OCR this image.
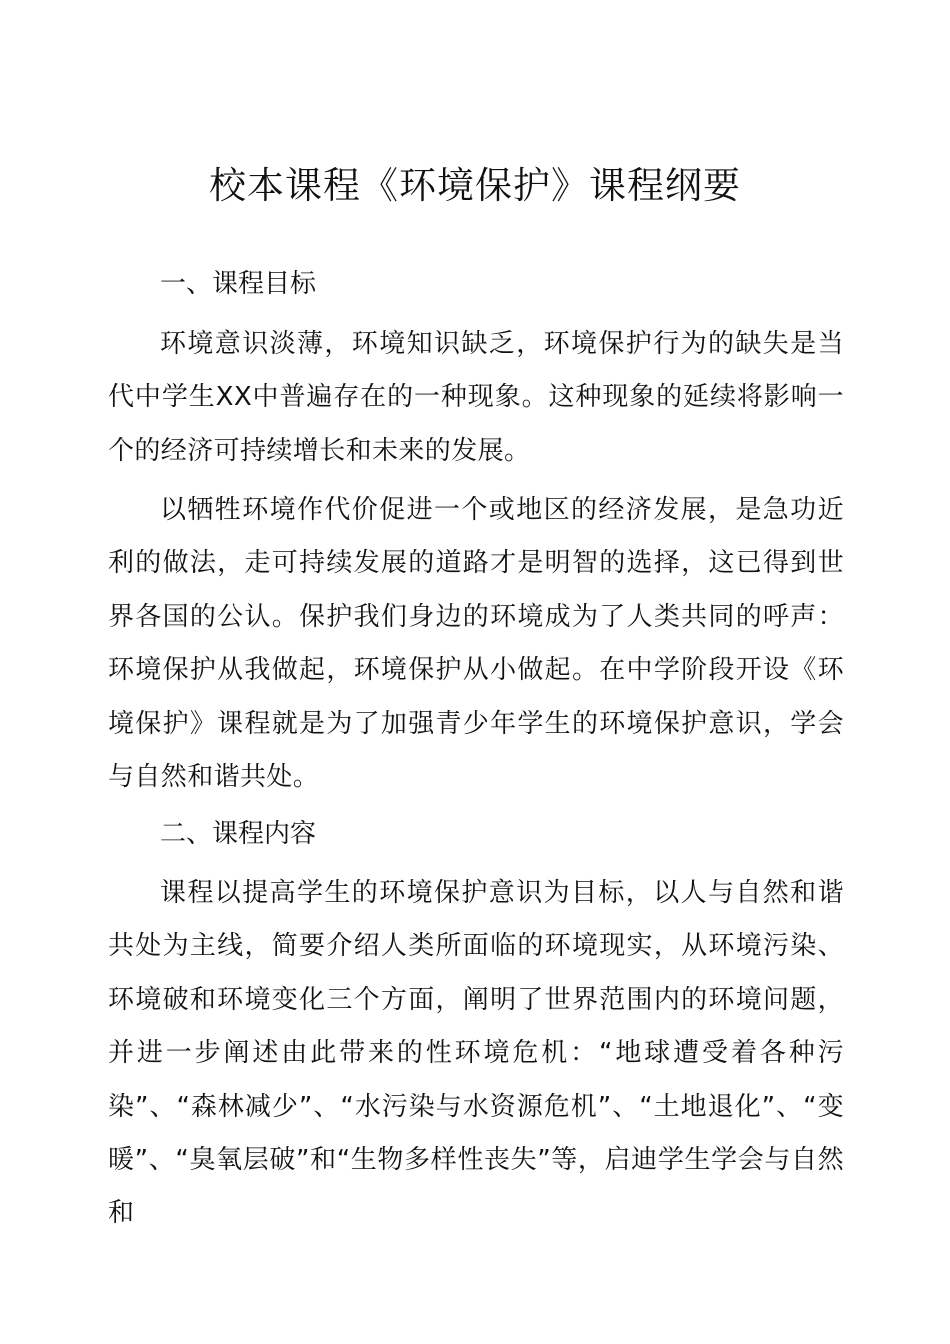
校本课程《环境保护》课程纲要
一、课程目标

环境意识淡薄，环境知识缺乏，环境保护行为的缺失是当代中学生XX中普遍存在的一种现象。这种现象的延续将影响一个的经济可持续增长和未来的发展。

以牺牲环境作代价促进一个或地区的经济发展，是急功近利的做法，走可持续发展的道路才是明智的选择，这已得到世界各国的公认。保护我们身边的环境成为了人类共同的呼声：环境保护从我做起，环境保护从小做起。在中学阶段开设《环境保护》课程就是为了加强青少年学生的环境保护意识，学会与自然和谐共处。

二、课程内容

课程以提高学生的环境保护意识为目标，以人与自然和谐共处为主线，简要介绍人类所面临的环境现实，从环境污染、环境破和环境变化三个方面，阐明了世界范围内的环境问题，并进一步阐述由此带来的性环境危机：“地球遭受着各种污染”、“森林减少”、“水污染与水资源危机”、“土地退化”、“变暖”、“臭氧层破”和“生物多样性丧失”等，启迪学生学会与自然和
